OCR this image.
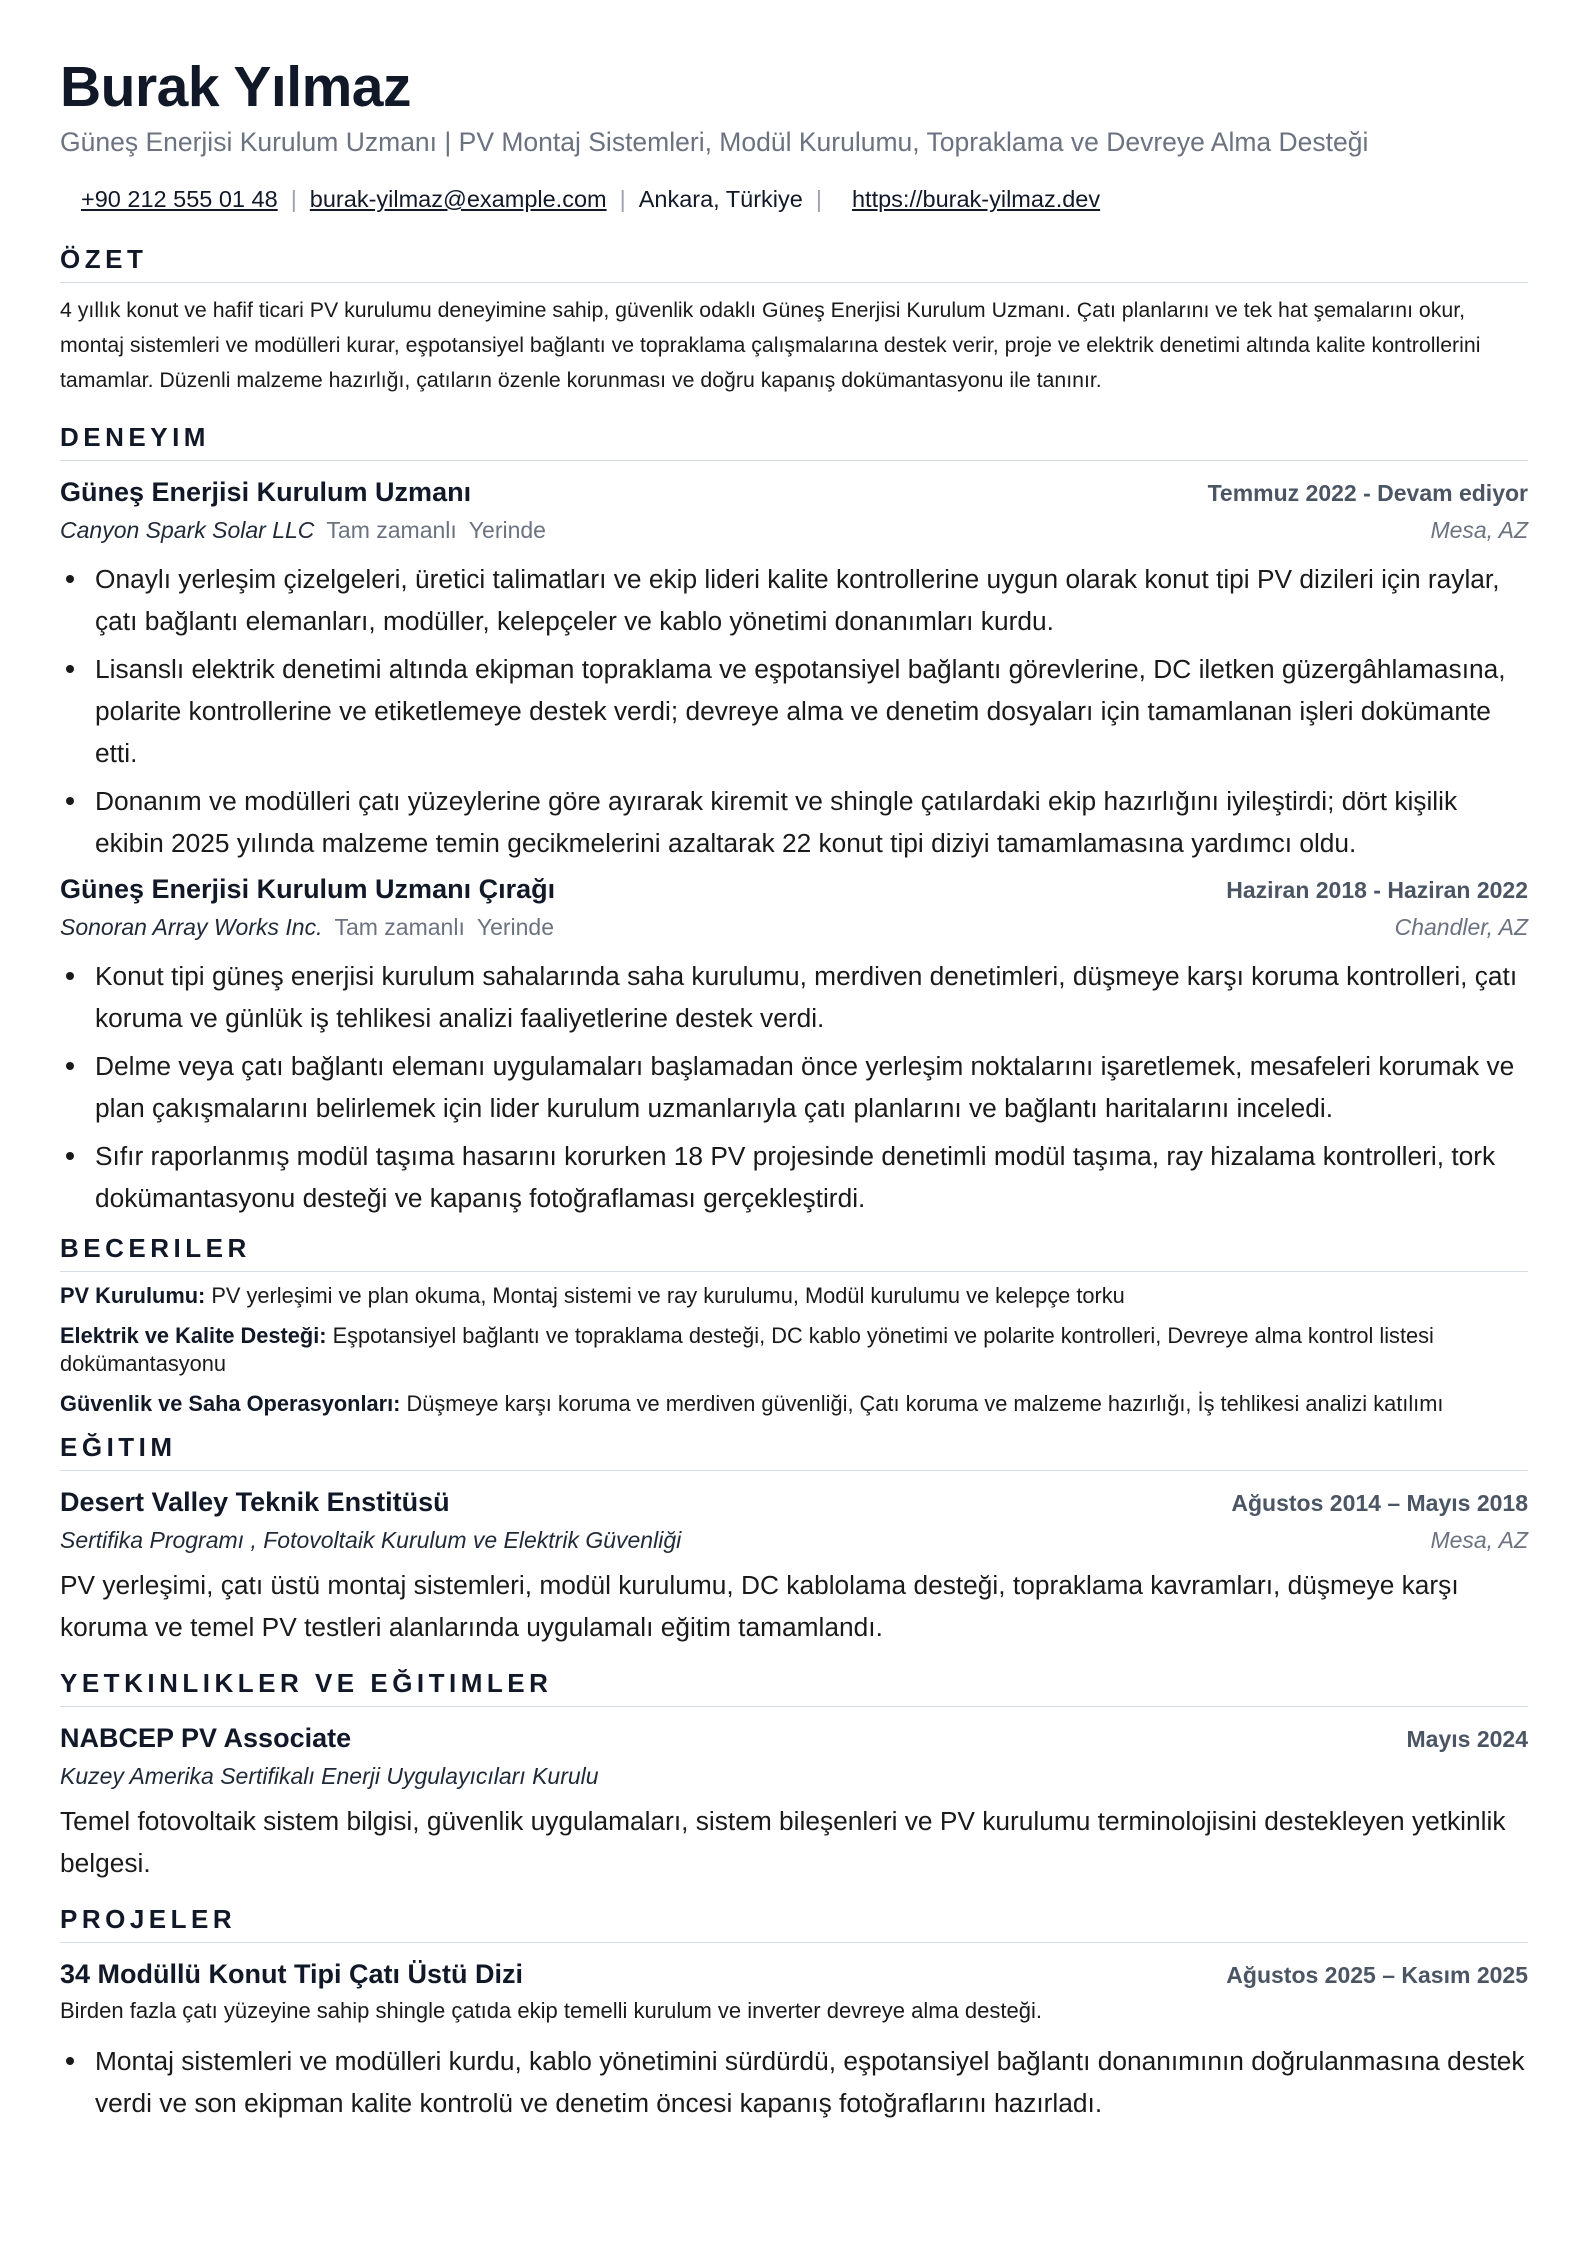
Burak Yılmaz
Güneş Enerjisi Kurulum Uzmanı | PV Montaj Sistemleri, Modül Kurulumu, Topraklama ve Devreye Alma Desteği
+90 212 555 01 48 | burak-yilmaz@example.com | Ankara, Türkiye | https://burak-yilmaz.dev
ÖZET
4 yıllık konut ve hafif ticari PV kurulumu deneyimine sahip, güvenlik odaklı Güneş Enerjisi Kurulum Uzmanı. Çatı planlarını ve tek hat şemalarını okur, montaj sistemleri ve modülleri kurar, eşpotansiyel bağlantı ve topraklama çalışmalarına destek verir, proje ve elektrik denetimi altında kalite kontrollerini tamamlar. Düzenli malzeme hazırlığı, çatıların özenle korunması ve doğru kapanış dokümantasyonu ile tanınır.
DENEYIM
Güneş Enerjisi Kurulum Uzmanı	Temmuz 2022 - Devam ediyor
Canyon Spark Solar LLC Tam zamanlı Yerinde	Mesa, AZ
Onaylı yerleşim çizelgeleri, üretici talimatları ve ekip lideri kalite kontrollerine uygun olarak konut tipi PV dizileri için raylar, çatı bağlantı elemanları, modüller, kelepçeler ve kablo yönetimi donanımları kurdu.
Lisanslı elektrik denetimi altında ekipman topraklama ve eşpotansiyel bağlantı görevlerine, DC iletken güzergâhlamasına, polarite kontrollerine ve etiketlemeye destek verdi; devreye alma ve denetim dosyaları için tamamlanan işleri dokümante etti.
Donanım ve modülleri çatı yüzeylerine göre ayırarak kiremit ve shingle çatılardaki ekip hazırlığını iyileştirdi; dört kişilik ekibin 2025 yılında malzeme temin gecikmelerini azaltarak 22 konut tipi diziyi tamamlamasına yardımcı oldu.
Güneş Enerjisi Kurulum Uzmanı Çırağı	Haziran 2018 - Haziran 2022
Sonoran Array Works Inc. Tam zamanlı Yerinde	Chandler, AZ
Konut tipi güneş enerjisi kurulum sahalarında saha kurulumu, merdiven denetimleri, düşmeye karşı koruma kontrolleri, çatı koruma ve günlük iş tehlikesi analizi faaliyetlerine destek verdi.
Delme veya çatı bağlantı elemanı uygulamaları başlamadan önce yerleşim noktalarını işaretlemek, mesafeleri korumak ve plan çakışmalarını belirlemek için lider kurulum uzmanlarıyla çatı planlarını ve bağlantı haritalarını inceledi.
Sıfır raporlanmış modül taşıma hasarını korurken 18 PV projesinde denetimli modül taşıma, ray hizalama kontrolleri, tork dokümantasyonu desteği ve kapanış fotoğraflaması gerçekleştirdi.
BECERILER
PV Kurulumu: PV yerleşimi ve plan okuma, Montaj sistemi ve ray kurulumu, Modül kurulumu ve kelepçe torku
Elektrik ve Kalite Desteği: Eşpotansiyel bağlantı ve topraklama desteği, DC kablo yönetimi ve polarite kontrolleri, Devreye alma kontrol listesi dokümantasyonu
Güvenlik ve Saha Operasyonları: Düşmeye karşı koruma ve merdiven güvenliği, Çatı koruma ve malzeme hazırlığı, İş tehlikesi analizi katılımı
EĞITIM
Desert Valley Teknik Enstitüsü	Ağustos 2014 – Mayıs 2018
Sertifika Programı , Fotovoltaik Kurulum ve Elektrik Güvenliği	Mesa, AZ
PV yerleşimi, çatı üstü montaj sistemleri, modül kurulumu, DC kablolama desteği, topraklama kavramları, düşmeye karşı koruma ve temel PV testleri alanlarında uygulamalı eğitim tamamlandı.
YETKINLIKLER VE EĞITIMLER
NABCEP PV Associate	Mayıs 2024
Kuzey Amerika Sertifikalı Enerji Uygulayıcıları Kurulu
Temel fotovoltaik sistem bilgisi, güvenlik uygulamaları, sistem bileşenleri ve PV kurulumu terminolojisini destekleyen yetkinlik belgesi.
PROJELER
34 Modüllü Konut Tipi Çatı Üstü Dizi	Ağustos 2025 – Kasım 2025
Birden fazla çatı yüzeyine sahip shingle çatıda ekip temelli kurulum ve inverter devreye alma desteği.
Montaj sistemleri ve modülleri kurdu, kablo yönetimini sürdürdü, eşpotansiyel bağlantı donanımının doğrulanmasına destek verdi ve son ekipman kalite kontrolü ve denetim öncesi kapanış fotoğraflarını hazırladı.
